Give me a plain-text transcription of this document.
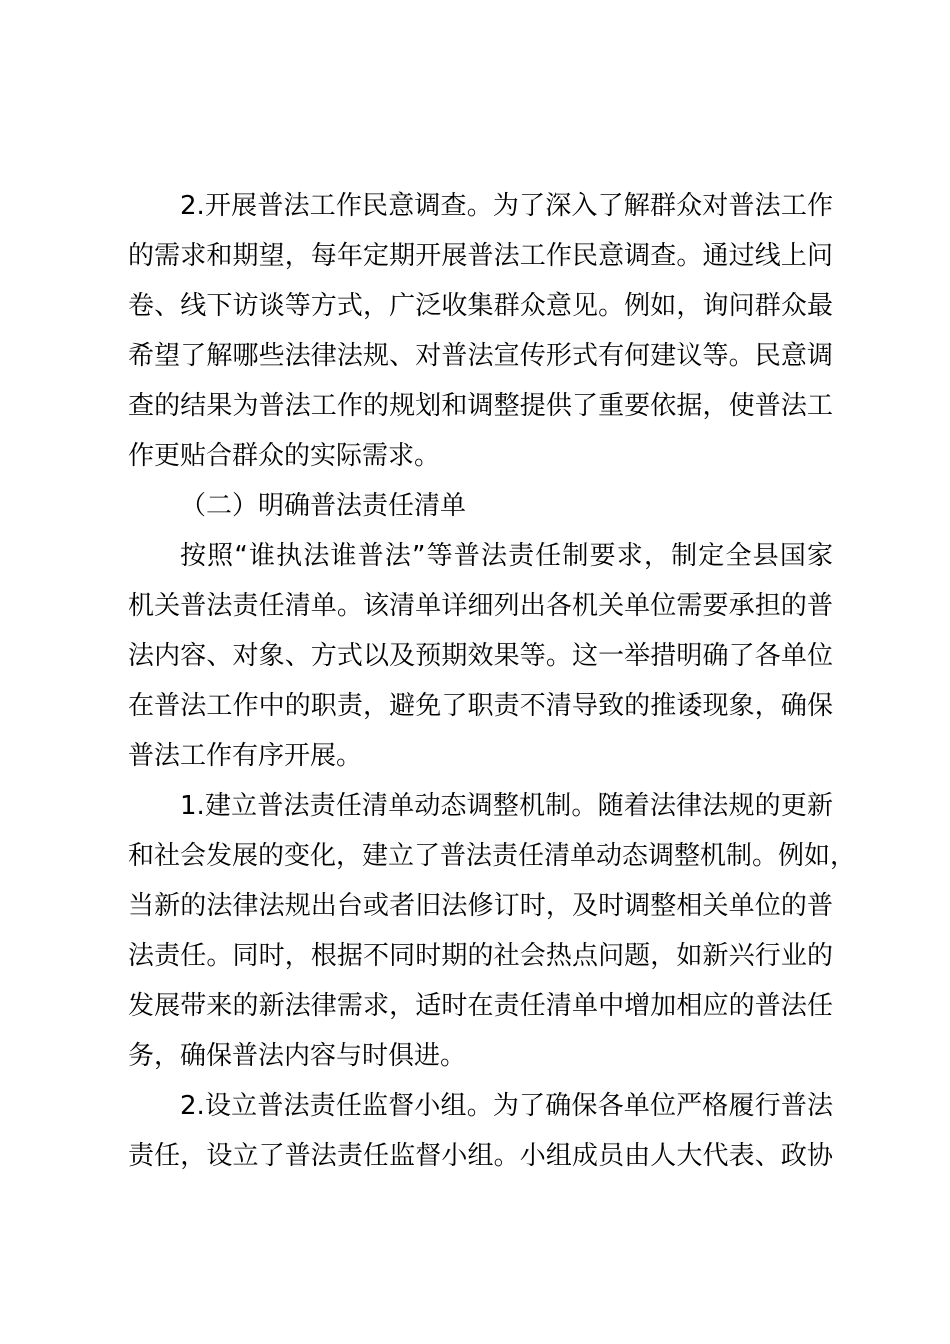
2.开展普法工作民意调查。为了深入了解群众对普法工作
的需求和期望，每年定期开展普法工作民意调查。通过线上问
卷、线下访谈等方式，广泛收集群众意见。例如，询问群众最
希望了解哪些法律法规、对普法宣传形式有何建议等。民意调
查的结果为普法工作的规划和调整提供了重要依据，使普法工
作更贴合群众的实际需求。
（二）明确普法责任清单
按照“谁执法谁普法”等普法责任制要求，制定全县国家
机关普法责任清单。该清单详细列出各机关单位需要承担的普
法内容、对象、方式以及预期效果等。这一举措明确了各单位
在普法工作中的职责，避免了职责不清导致的推诿现象，确保
普法工作有序开展。
1.建立普法责任清单动态调整机制。随着法律法规的更新
和社会发展的变化，建立了普法责任清单动态调整机制。例如，
当新的法律法规出台或者旧法修订时，及时调整相关单位的普
法责任。同时，根据不同时期的社会热点问题，如新兴行业的
发展带来的新法律需求，适时在责任清单中增加相应的普法任
务，确保普法内容与时俱进。
2.设立普法责任监督小组。为了确保各单位严格履行普法
责任，设立了普法责任监督小组。小组成员由人大代表、政协
